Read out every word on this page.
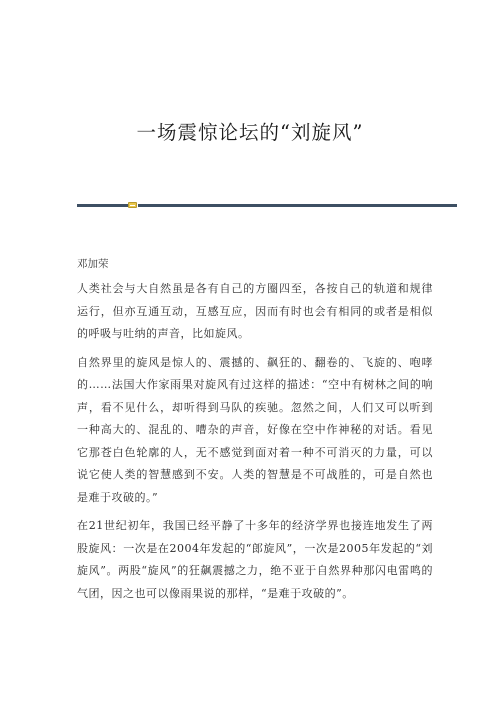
一场震惊论坛的“刘旋风”
邓加荣

人类社会与大自然虽是各有自己的方圈四至，各按自己的轨道和规律运行，但亦互通互动，互感互应，因而有时也会有相同的或者是相似的呼吸与吐纳的声音，比如旋风。

自然界里的旋风是惊人的、震撼的、飙狂的、翻卷的、飞旋的、咆哮的……法国大作家雨果对旋风有过这样的描述：“空中有树林之间的响声，看不见什么，却听得到马队的疾驰。忽然之间，人们又可以听到一种高大的、混乱的、嘈杂的声音，好像在空中作神秘的对话。看见它那苍白色轮廓的人，无不感觉到面对着一种不可消灭的力量，可以说它使人类的智慧感到不安。人类的智慧是不可战胜的，可是自然也是难于攻破的。”

在21世纪初年，我国已经平静了十多年的经济学界也接连地发生了两股旋风：一次是在2004年发起的“郎旋风”，一次是2005年发起的“刘旋风”。两股“旋风”的狂飙震撼之力，绝不亚于自然界种那闪电雷鸣的气团，因之也可以像雨果说的那样，“是难于攻破的”。
